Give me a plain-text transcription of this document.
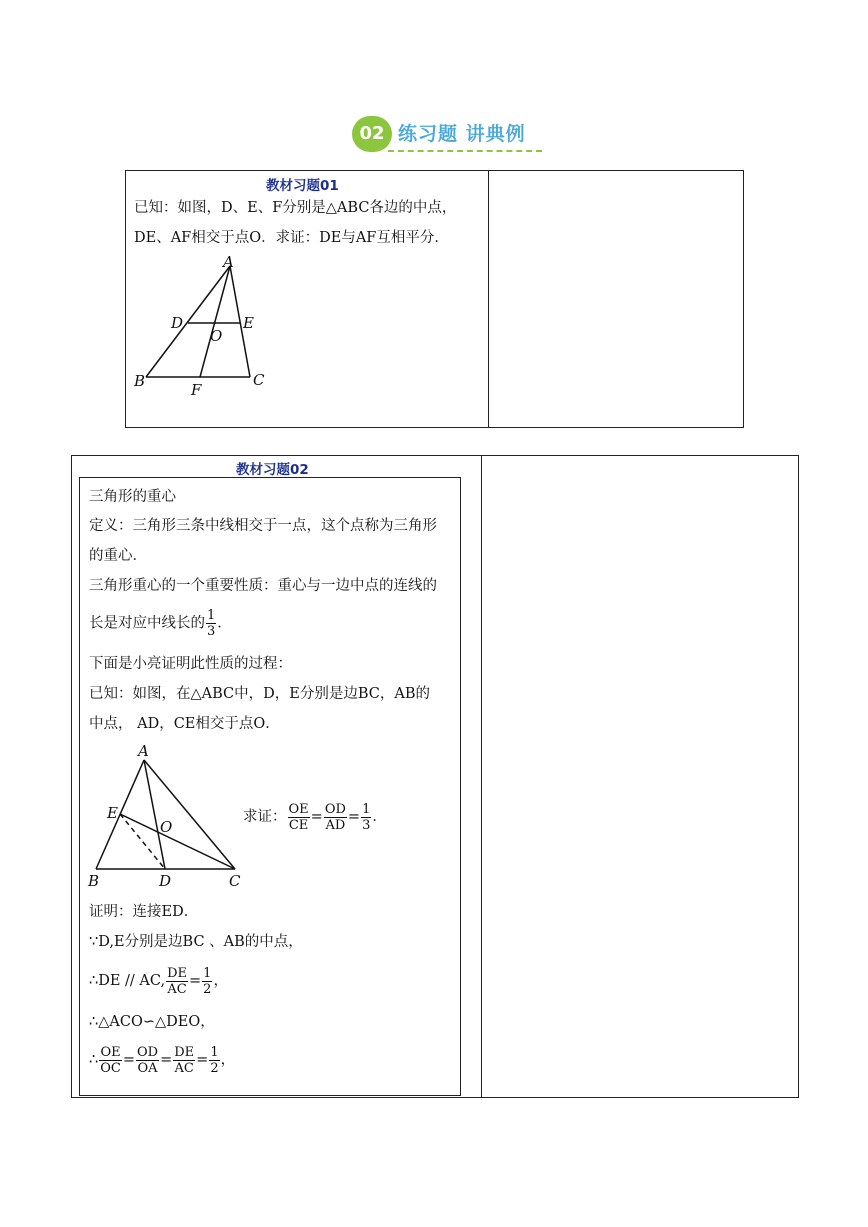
02 练习题 讲典例
教材习题01
已知：如图，D、E、F分别是△ABC各边的中点，
DE、AF相交于点O．求证：DE与AF互相平分．
A
D	E
O
B	C
F
教材习题02
三角形的重心
定义：三角形三条中线相交于一点，这个点称为三角形
的重心．
三角形重心的一个重要性质：重心与一边中点的连线的
长是对应中线长的 $\frac{1}{3}$ ．
下面是小亮证明此性质的过程：
已知：如图，在△ABC中，D，E分别是边BC，AB的
中点， AD，CE相交于点O．
A
E
O
B	D	C
求证： $\frac{OE}{CE} = \frac{OD}{AD} = \frac{1}{3}$ ．
证明：连接ED．
∵D,E分别是边BC 、AB的中点，
∴DE // AC, $\frac{DE}{AC} = \frac{1}{2}$ ，
∴△ACO∽△DEO，
∴ $\frac{OE}{OC} = \frac{OD}{OA} = \frac{DE}{AC} = \frac{1}{2}$ ，
